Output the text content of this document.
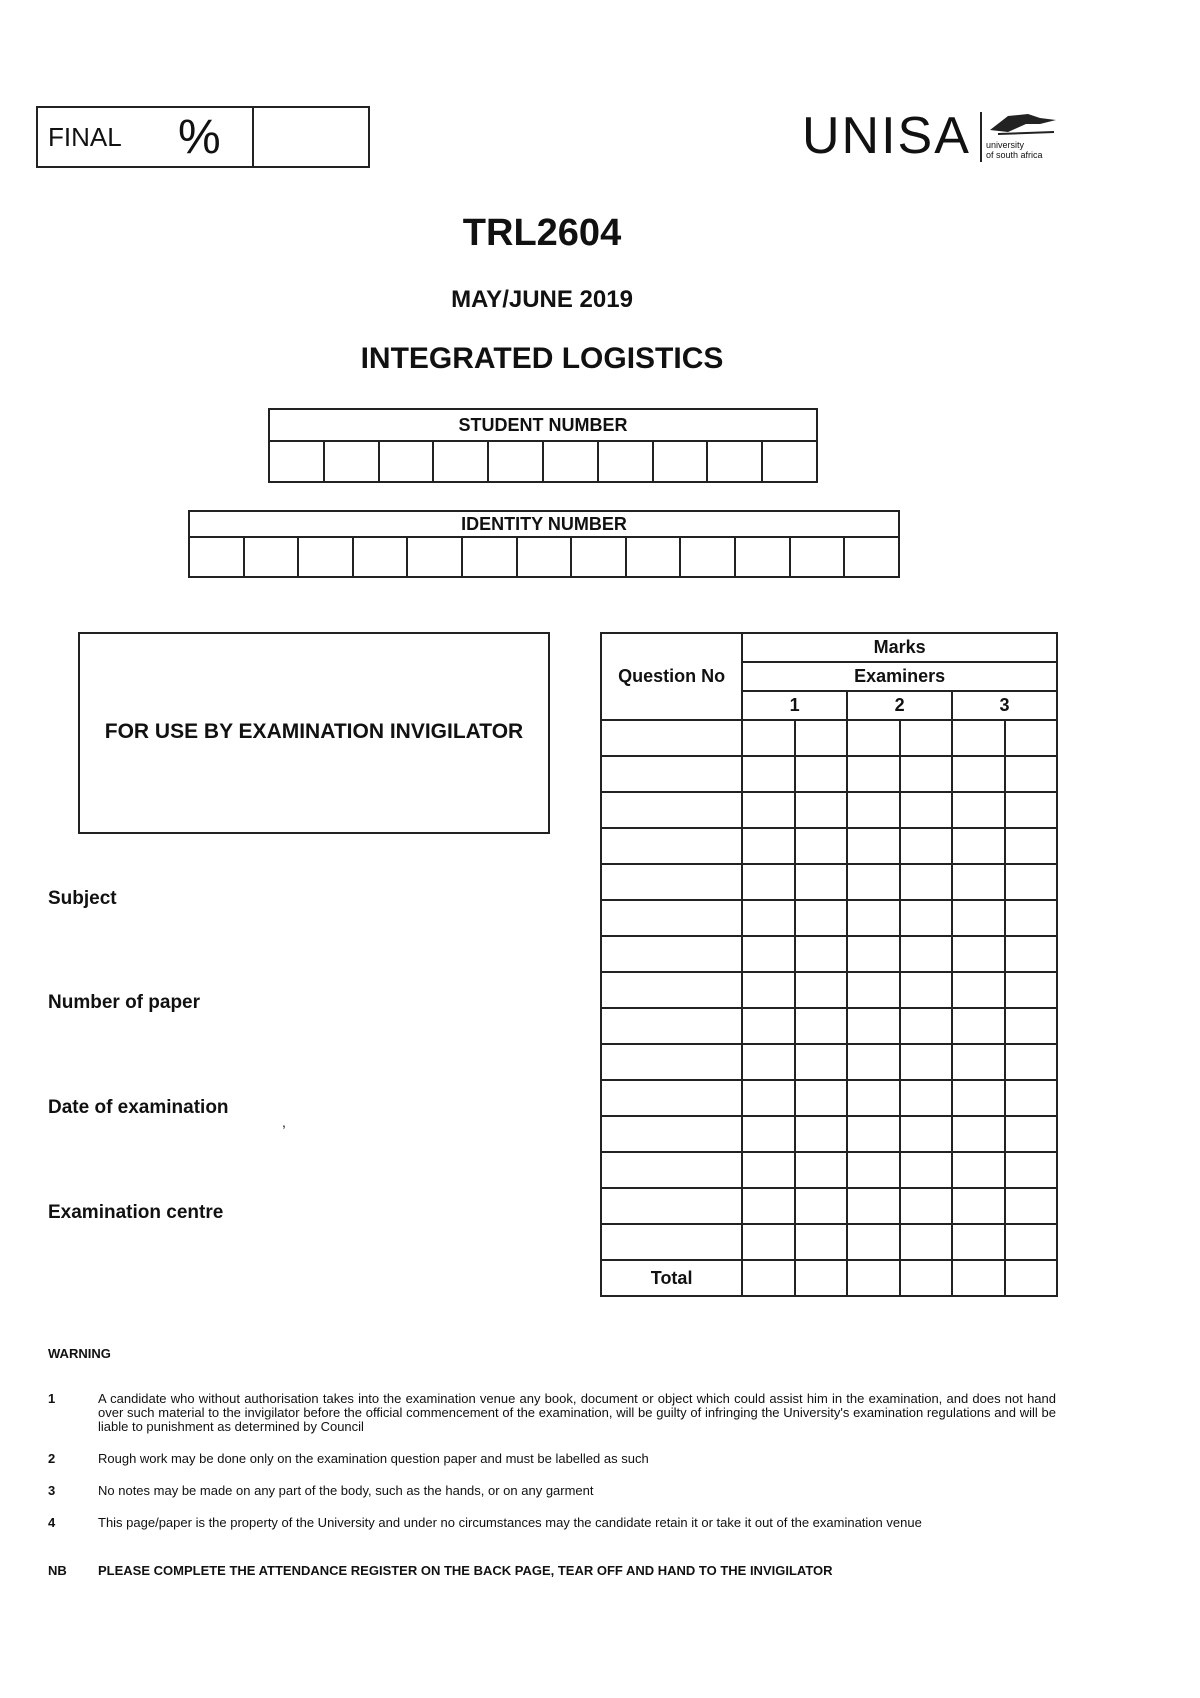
FINAL %	UNISA university
of south africa
TRL2604
MAY/JUNE 2019
INTEGRATED LOGISTICS
STUDENT NUMBER
IDENTITY NUMBER
FOR USE BY EXAMINATION INVIGILATOR
Subject
Number of paper
Date of examination
,
Examination centre
Question No	Marks					
	Examiners					
	1		2		3	

Total						
WARNING
1	A candidate who without authorisation takes into the examination venue any book, document or object which could assist him in the examination, and does not hand over such material to the invigilator before the official commencement of the examination, will be guilty of infringing the University's examination regulations and will be liable to punishment as determined by Council
2	Rough work may be done only on the examination question paper and must be labelled as such
3	No notes may be made on any part of the body, such as the hands, or on any garment
4	This page/paper is the property of the University and under no circumstances may the candidate retain it or take it out of the examination venue
NB PLEASE COMPLETE THE ATTENDANCE REGISTER ON THE BACK PAGE, TEAR OFF AND HAND TO THE INVIGILATOR
